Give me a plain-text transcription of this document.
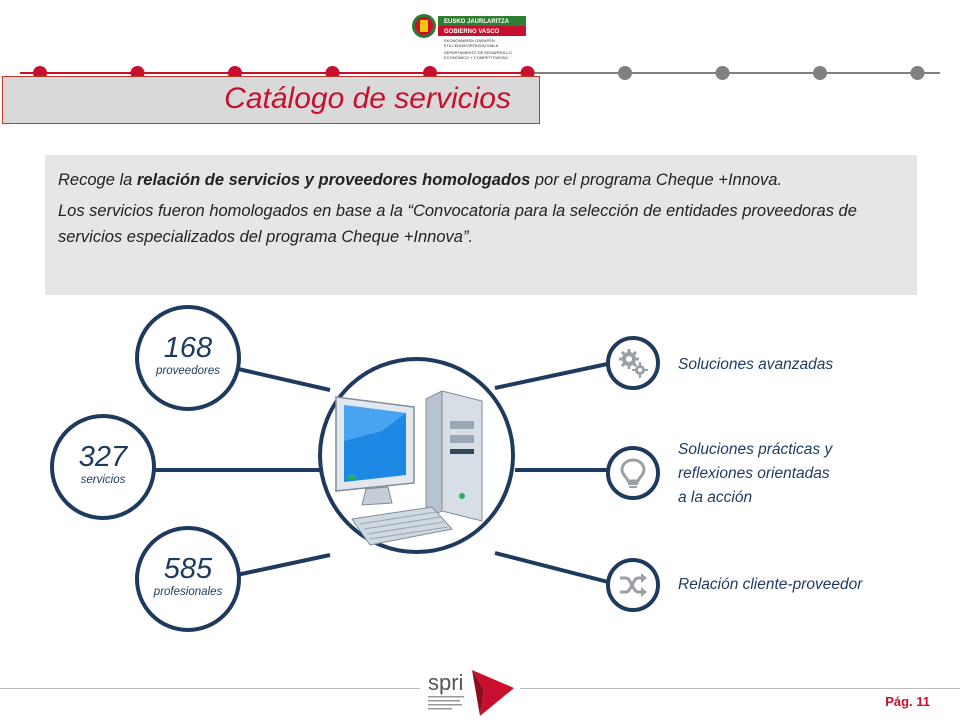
EUSKO JAURLARITZA
GOBIERNO VASCO
EKONOMIAREN GARAPEN
ETA LEHIAKORTASUN SAILA
DEPARTAMENTO DE DESARROLLO
ECONÓMICO Y COMPETITIVIDAD
Catálogo de servicios

Recoge la relación de servicios y proveedores homologados por el programa Cheque +Innova.

Los servicios fueron homologados en base a la “Convocatoria para la selección de entidades proveedoras de servicios especializados del programa Cheque +Innova”.

168
proveedores
327
servicios
585
profesionales
Soluciones avanzadas
Soluciones prácticas y
reflexiones orientadas
a la acción
Relación cliente-proveedor
spri
Pág. 11
